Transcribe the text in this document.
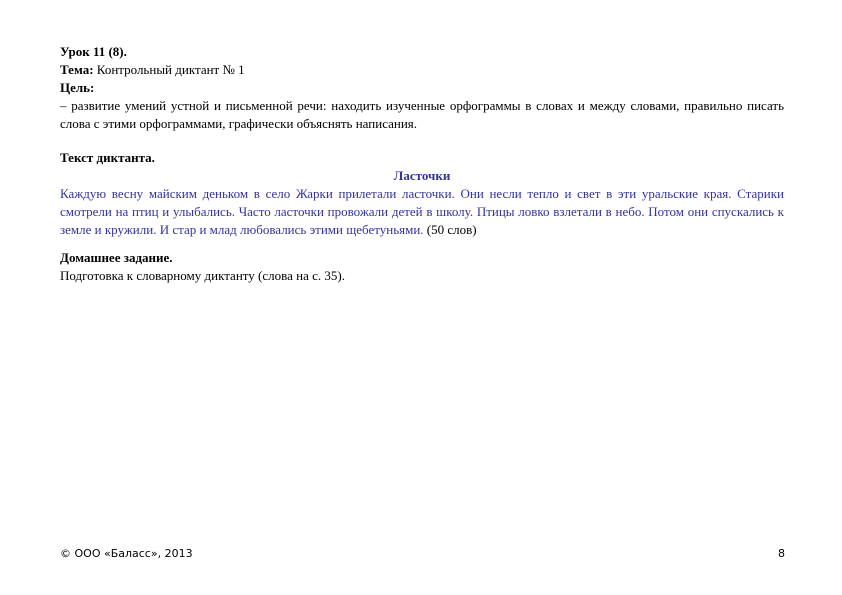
Урок 11 (8).

Тема: Контрольный диктант № 1

Цель:

– развитие умений устной и письменной речи: находить изученные орфограммы в словах и между словами, правильно писать слова с этими орфограммами, графически объяснять написания.

Текст диктанта.

Ласточки

Каждую весну майским деньком в село Жарки прилетали ласточки. Они несли тепло и свет в эти уральские края. Старики смотрели на птиц и улыбались. Часто ласточки провожали детей в школу. Птицы ловко взлетали в небо. Потом они спускались к земле и кружили. И стар и млад любовались этими щебетуньями. (50 слов)

Домашнее задание.

Подготовка к словарному диктанту (слова на с. 35).

© ООО «Баласс», 2013	8
